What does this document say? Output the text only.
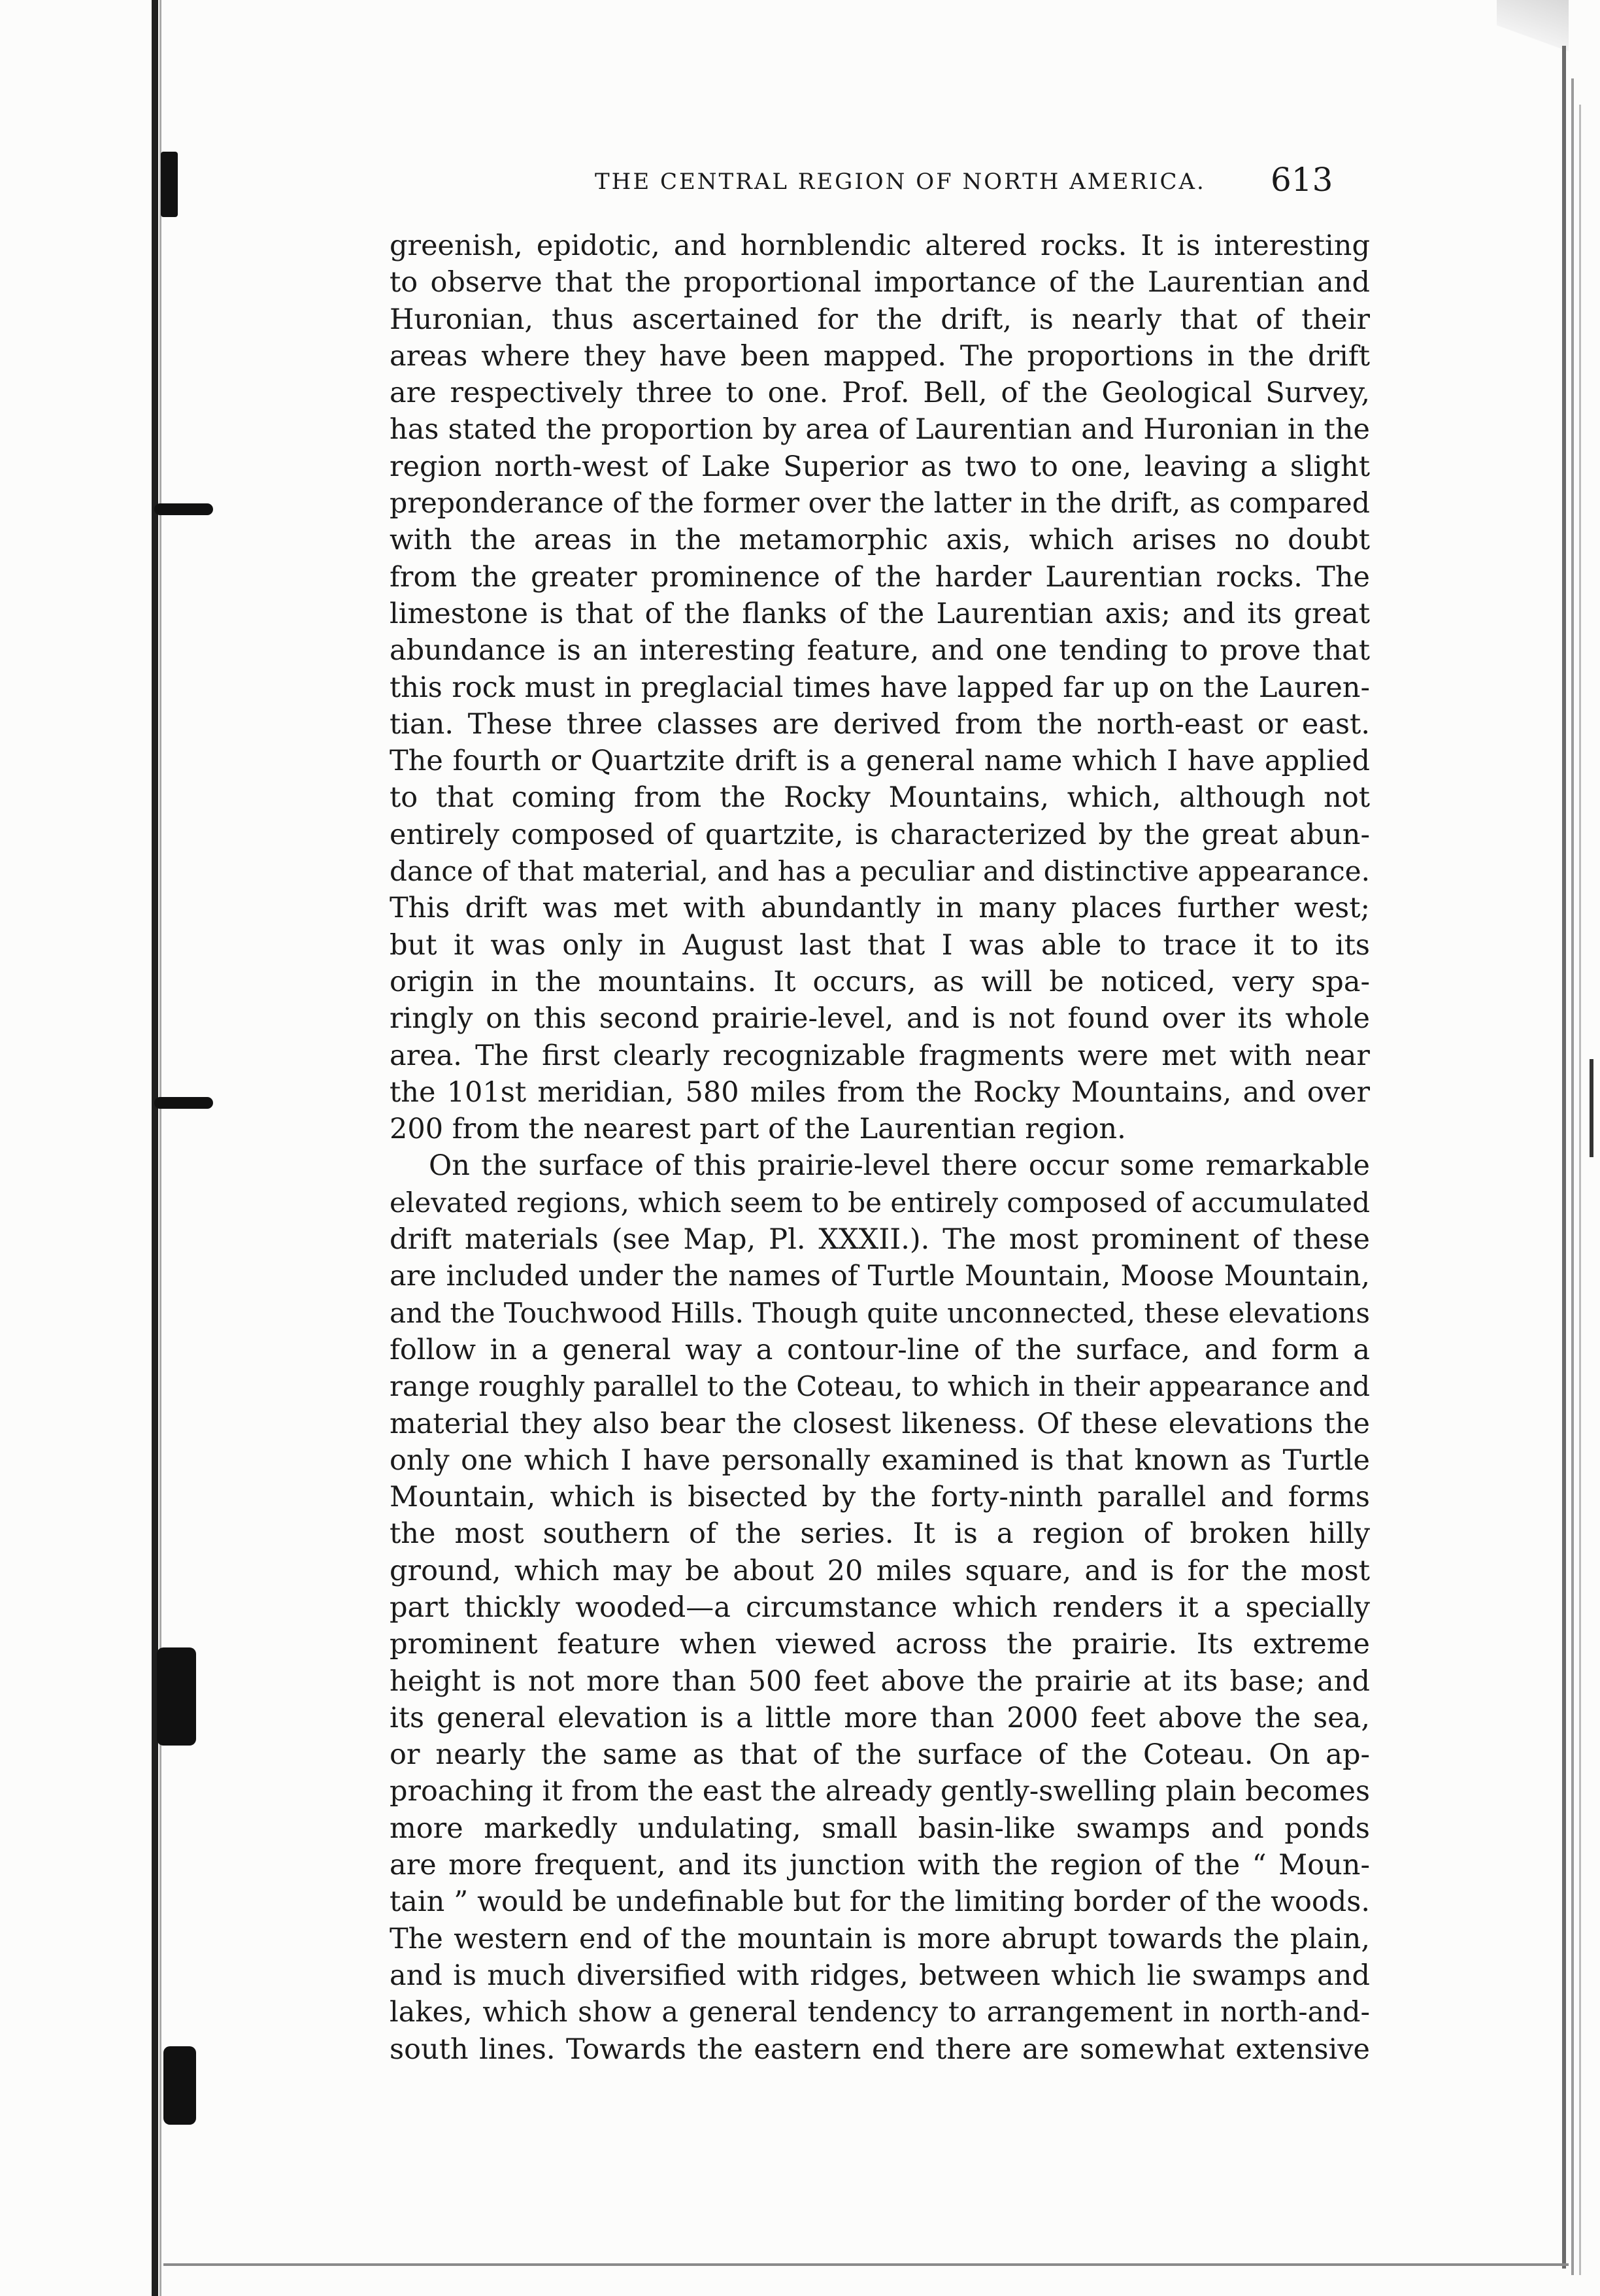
THE CENTRAL REGION OF NORTH AMERICA. 613
greenish, epidotic, and hornblendic altered rocks. It is interesting
to observe that the proportional importance of the Laurentian and
Huronian, thus ascertained for the drift, is nearly that of their
areas where they have been mapped. The proportions in the drift
are respectively three to one. Prof. Bell, of the Geological Survey,
has stated the proportion by area of Laurentian and Huronian in the
region north-west of Lake Superior as two to one, leaving a slight
preponderance of the former over the latter in the drift, as compared
with the areas in the metamorphic axis, which arises no doubt
from the greater prominence of the harder Laurentian rocks. The
limestone is that of the flanks of the Laurentian axis; and its great
abundance is an interesting feature, and one tending to prove that
this rock must in preglacial times have lapped far up on the Lauren-
tian. These three classes are derived from the north-east or east.
The fourth or Quartzite drift is a general name which I have applied
to that coming from the Rocky Mountains, which, although not
entirely composed of quartzite, is characterized by the great abun-
dance of that material, and has a peculiar and distinctive appearance.
This drift was met with abundantly in many places further west;
but it was only in August last that I was able to trace it to its
origin in the mountains. It occurs, as will be noticed, very spa-
ringly on this second prairie-level, and is not found over its whole
area. The first clearly recognizable fragments were met with near
the 101st meridian, 580 miles from the Rocky Mountains, and over
200 from the nearest part of the Laurentian region.
On the surface of this prairie-level there occur some remarkable
elevated regions, which seem to be entirely composed of accumulated
drift materials (see Map, Pl. XXXII.). The most prominent of these
are included under the names of Turtle Mountain, Moose Mountain,
and the Touchwood Hills. Though quite unconnected, these elevations
follow in a general way a contour-line of the surface, and form a
range roughly parallel to the Coteau, to which in their appearance and
material they also bear the closest likeness. Of these elevations the
only one which I have personally examined is that known as Turtle
Mountain, which is bisected by the forty-ninth parallel and forms
the most southern of the series. It is a region of broken hilly
ground, which may be about 20 miles square, and is for the most
part thickly wooded—a circumstance which renders it a specially
prominent feature when viewed across the prairie. Its extreme
height is not more than 500 feet above the prairie at its base; and
its general elevation is a little more than 2000 feet above the sea,
or nearly the same as that of the surface of the Coteau. On ap-
proaching it from the east the already gently-swelling plain becomes
more markedly undulating, small basin-like swamps and ponds
are more frequent, and its junction with the region of the “ Moun-
tain ” would be undefinable but for the limiting border of the woods.
The western end of the mountain is more abrupt towards the plain,
and is much diversified with ridges, between which lie swamps and
lakes, which show a general tendency to arrangement in north-and-
south lines. Towards the eastern end there are somewhat extensive
